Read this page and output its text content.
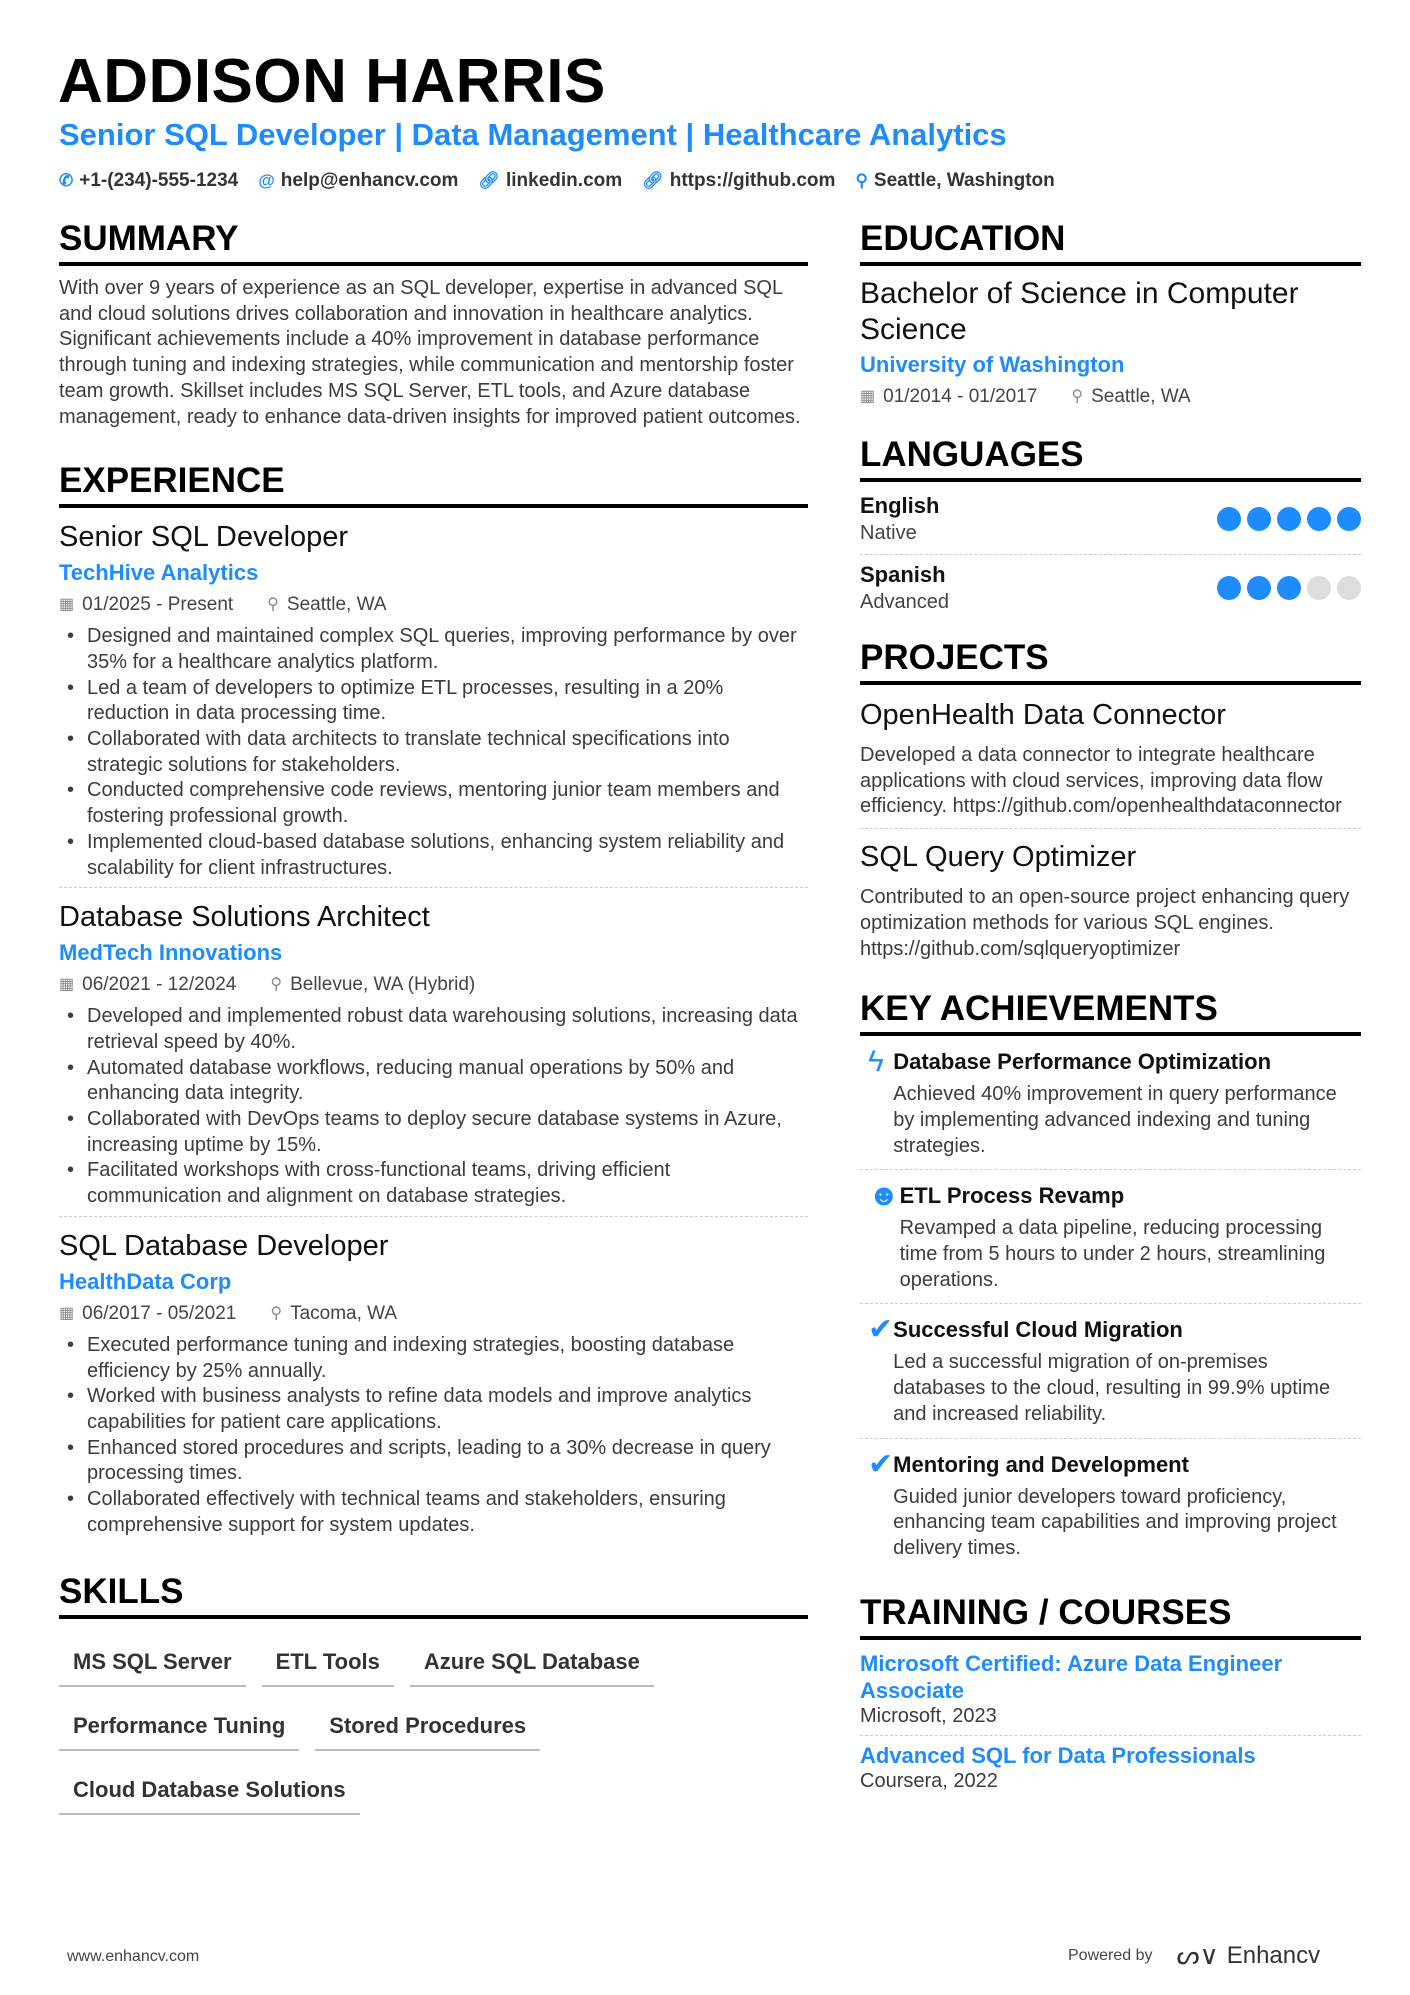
ADDISON HARRIS
Senior SQL Developer | Data Management | Healthcare Analytics
✆ +1-(234)-555-1234 @ help@enhancv.com 🔗︎ linkedin.com 🔗︎ https://github.com ⚲ Seattle, Washington
SUMMARY

With over 9 years of experience as an SQL developer, expertise in advanced SQL and cloud solutions drives collaboration and innovation in healthcare analytics. Significant achievements include a 40% improvement in database performance through tuning and indexing strategies, while communication and mentorship foster team growth. Skillset includes MS SQL Server, ETL tools, and Azure database management, ready to enhance data-driven insights for improved patient outcomes.

EXPERIENCE
Senior SQL Developer
TechHive Analytics
▦ 01/2025 - Present ⚲ Seattle, WA
• Designed and maintained complex SQL queries, improving performance by over 35% for a healthcare analytics platform.
• Led a team of developers to optimize ETL processes, resulting in a 20% reduction in data processing time.
• Collaborated with data architects to translate technical specifications into strategic solutions for stakeholders.
• Conducted comprehensive code reviews, mentoring junior team members and fostering professional growth.
• Implemented cloud-based database solutions, enhancing system reliability and scalability for client infrastructures.
Database Solutions Architect
MedTech Innovations
▦ 06/2021 - 12/2024 ⚲ Bellevue, WA (Hybrid)
• Developed and implemented robust data warehousing solutions, increasing data retrieval speed by 40%.
• Automated database workflows, reducing manual operations by 50% and enhancing data integrity.
• Collaborated with DevOps teams to deploy secure database systems in Azure, increasing uptime by 15%.
• Facilitated workshops with cross-functional teams, driving efficient communication and alignment on database strategies.
SQL Database Developer
HealthData Corp
▦ 06/2017 - 05/2021 ⚲ Tacoma, WA
• Executed performance tuning and indexing strategies, boosting database efficiency by 25% annually.
• Worked with business analysts to refine data models and improve analytics capabilities for patient care applications.
• Enhanced stored procedures and scripts, leading to a 30% decrease in query processing times.
• Collaborated effectively with technical teams and stakeholders, ensuring comprehensive support for system updates.
SKILLS
MS SQL Server	ETL Tools	Azure SQL Database
Performance Tuning	Stored Procedures
Cloud Database Solutions
EDUCATION
Bachelor of Science in Computer Science
University of Washington
▦ 01/2014 - 01/2017 ⚲ Seattle, WA
LANGUAGES
English
Native
Spanish
Advanced
PROJECTS
OpenHealth Data Connector

Developed a data connector to integrate healthcare applications with cloud services, improving data flow efficiency. https://github.com/openhealthdataconnector

SQL Query Optimizer

Contributed to an open-source project enhancing query optimization methods for various SQL engines. https://github.com/sqlqueryoptimizer

KEY ACHIEVEMENTS
ϟ Database Performance Optimization

Achieved 40% improvement in query performance by implementing advanced indexing and tuning strategies.

☻ ETL Process Revamp

Revamped a data pipeline, reducing processing time from 5 hours to under 2 hours, streamlining operations.

✔ Successful Cloud Migration

Led a successful migration of on-premises databases to the cloud, resulting in 99.9% uptime and increased reliability.

✔ Mentoring and Development

Guided junior developers toward proficiency, enhancing team capabilities and improving project delivery times.

TRAINING / COURSES
Microsoft Certified: Azure Data Engineer Associate
Microsoft, 2023
Advanced SQL for Data Professionals
Coursera, 2022
www.enhancv.com	Powered by ᔕ∨ Enhancv
